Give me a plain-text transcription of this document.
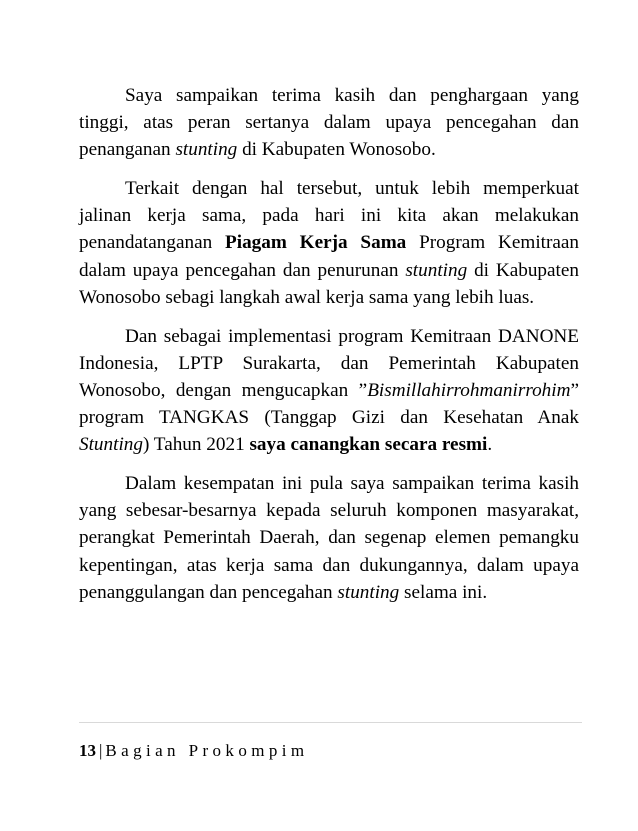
Saya sampaikan terima kasih dan penghargaan yang tinggi, atas peran sertanya dalam upaya pencegahan dan penanganan stunting di Kabupaten Wonosobo.

Terkait dengan hal tersebut, untuk lebih memperkuat jalinan kerja sama, pada hari ini kita akan melakukan penandatanganan Piagam Kerja Sama Program Kemitraan dalam upaya pencegahan dan penurunan stunting di Kabupaten Wonosobo sebagi langkah awal kerja sama yang lebih luas.

Dan sebagai implementasi program Kemitraan DANONE Indonesia, LPTP Surakarta, dan Pemerintah Kabupaten Wonosobo, dengan mengucapkan ”Bismillahirrohmanirrohim” program TANGKAS (Tanggap Gizi dan Kesehatan Anak Stunting) Tahun 2021 saya canangkan secara resmi.

Dalam kesempatan ini pula saya sampaikan terima kasih yang sebesar-besarnya kepada seluruh komponen masyarakat, perangkat Pemerintah Daerah, dan segenap elemen pemangku kepentingan, atas kerja sama dan dukungannya, dalam upaya penanggulangan dan pencegahan stunting selama ini.

13 | Bagian Prokompim
